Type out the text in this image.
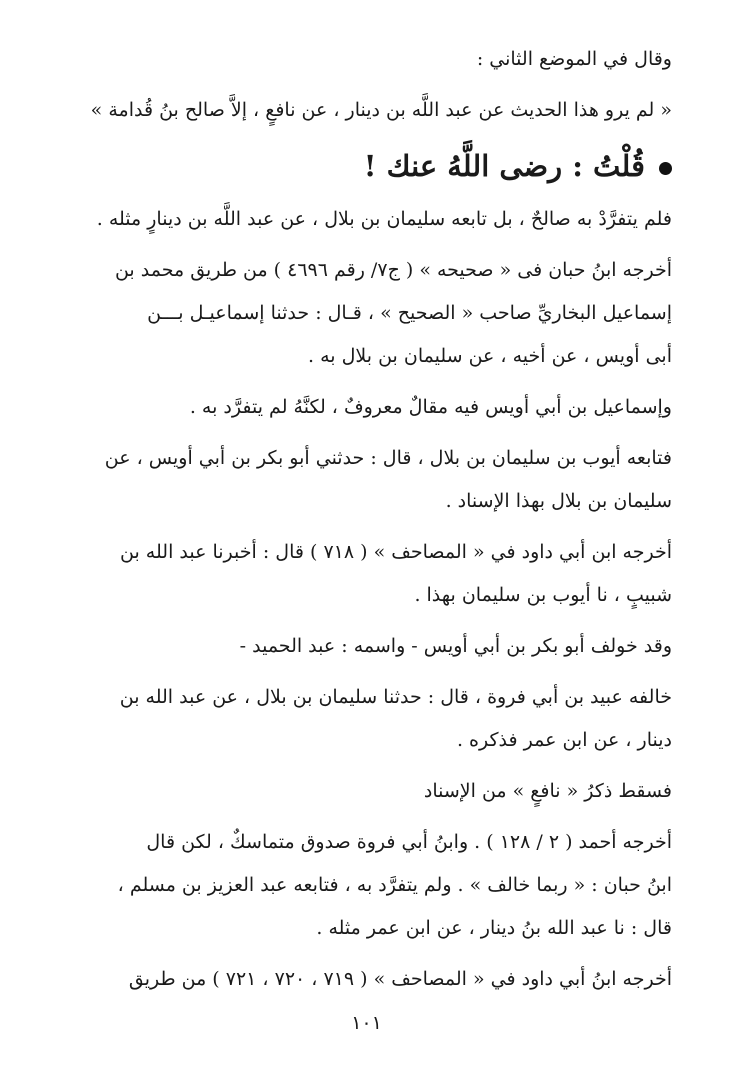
وقال في الموضع الثاني :
« لم يرو هذا الحديث عن عبد اللَّه بن دينار ، عن نافعٍ ، إلاَّ صالح بنُ قُدامة »
قُلْتُ : رضى اللَّهُ عنك !
فلم يتفرَّدْ به صالحٌ ، بل تابعه سليمان بن بلال ، عن عبد اللَّه بن دينارٍ مثله .
أخرجه ابنُ حبان فى « صحيحه » ( ج٧/ رقم ٤٦٩٦ ) من طريق محمد بن
إسماعيل البخاريِّ صاحب « الصحيح » ، قـال : حدثنا إسماعيـل بـــن
أبى أويس ، عن أخيه ، عن سليمان بن بلال به .
وإسماعيل بن أبي أويس فيه مقالٌ معروفٌ ، لكنَّهُ لم يتفرَّد به .
فتابعه أيوب بن سليمان بن بلال ، قال : حدثني أبو بكر بن أبي أويس ، عن
سليمان بن بلال بهذا الإسناد .
أخرجه ابن أبي داود في « المصاحف » ( ٧١٨ ) قال : أخبرنا عبد الله بن
شبيبٍ ، نا أيوب بن سليمان بهذا .
وقد خولف أبو بكر بن أبي أويس - واسمه : عبد الحميد -
خالفه عبيد بن أبي فروة ، قال : حدثنا سليمان بن بلال ، عن عبد الله بن
دينار ، عن ابن عمر فذكره .
فسقط ذكرُ « نافعٍ » من الإسناد
أخرجه أحمد ( ٢ / ١٢٨ ) . وابنُ أبي فروة صدوق متماسكٌ ، لكن قال
ابنُ حبان : « ربما خالف » . ولم يتفرَّد به ، فتابعه عبد العزيز بن مسلم ،
قال : نا عبد الله بنُ دينار ، عن ابن عمر مثله .
أخرجه ابنُ أبي داود في « المصاحف » ( ٧١٩ ، ٧٢٠ ، ٧٢١ ) من طريق
١٠١
